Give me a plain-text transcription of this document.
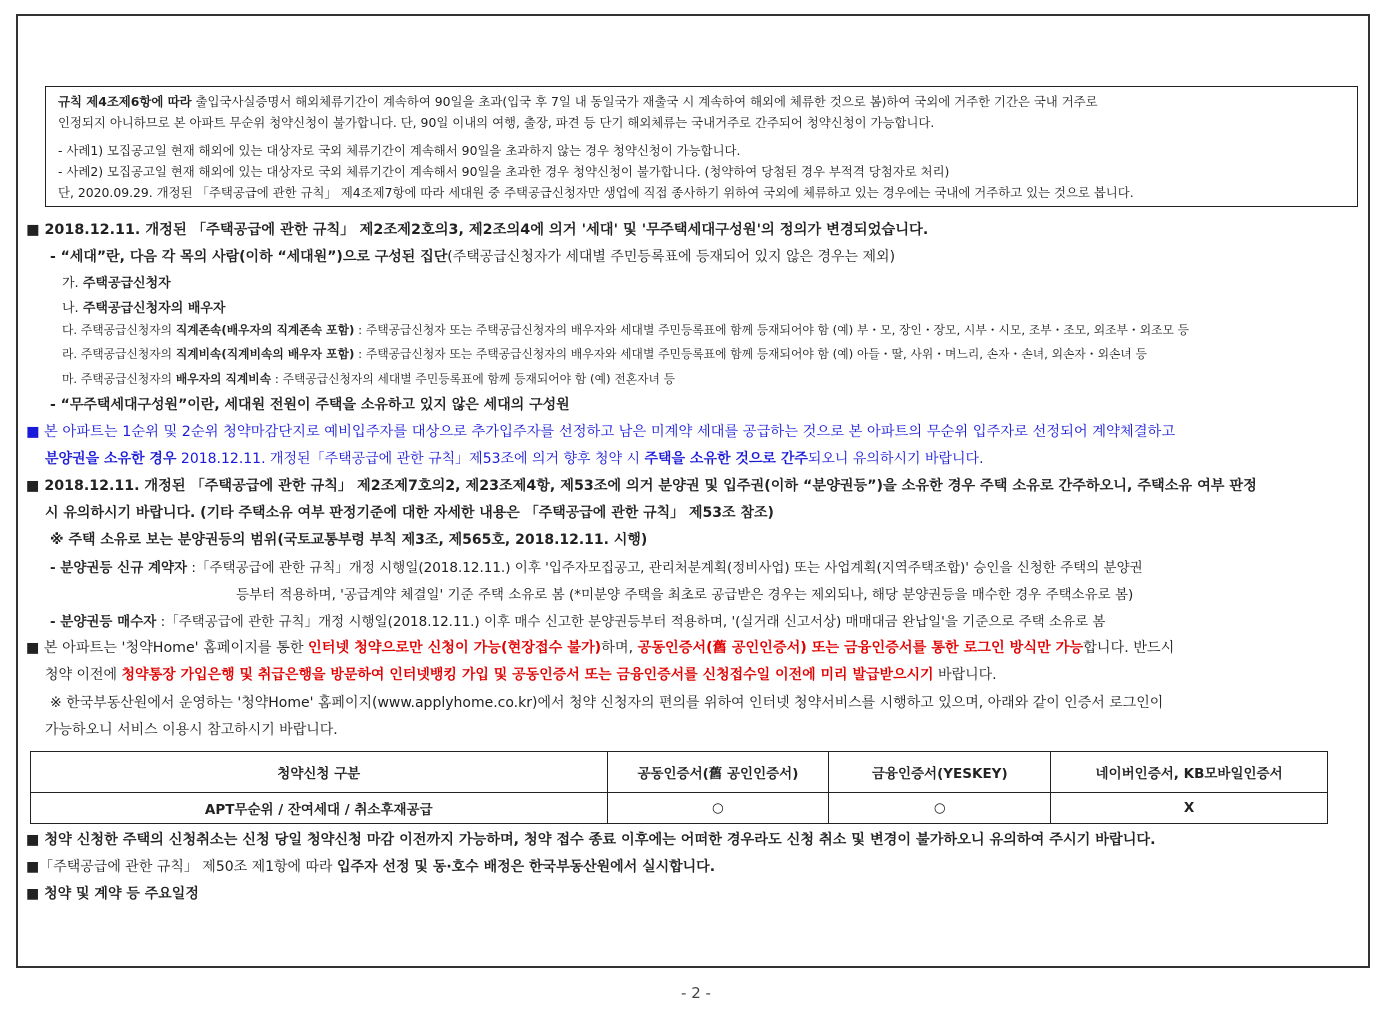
규칙 제4조제6항에 따라 출입국사실증명서 해외체류기간이 계속하여 90일을 초과(입국 후 7일 내 동일국가 재출국 시 계속하여 해외에 체류한 것으로 봄)하여 국외에 거주한 기간은 국내 거주로

인정되지 아니하므로 본 아파트 무순위 청약신청이 불가합니다. 단, 90일 이내의 여행, 출장, 파견 등 단기 해외체류는 국내거주로 간주되어 청약신청이 가능합니다.

- 사례1) 모집공고일 현재 해외에 있는 대상자로 국외 체류기간이 계속해서 90일을 초과하지 않는 경우 청약신청이 가능합니다.

- 사례2) 모집공고일 현재 해외에 있는 대상자로 국외 체류기간이 계속해서 90일을 초과한 경우 청약신청이 불가합니다. (청약하여 당첨된 경우 부적격 당첨자로 처리)

단, 2020.09.29. 개정된 「주택공급에 관한 규칙」 제4조제7항에 따라 세대원 중 주택공급신청자만 생업에 직접 종사하기 위하여 국외에 체류하고 있는 경우에는 국내에 거주하고 있는 것으로 봅니다.

■ 2018.12.11. 개정된 「주택공급에 관한 규칙」 제2조제2호의3, 제2조의4에 의거 '세대' 및 '무주택세대구성원'의 정의가 변경되었습니다.
- “세대”란, 다음 각 목의 사람(이하 “세대원”)으로 구성된 집단(주택공급신청자가 세대별 주민등록표에 등재되어 있지 않은 경우는 제외)
가. 주택공급신청자
나. 주택공급신청자의 배우자
다. 주택공급신청자의 직계존속(배우자의 직계존속 포함) : 주택공급신청자 또는 주택공급신청자의 배우자와 세대별 주민등록표에 함께 등재되어야 함 (예) 부・모, 장인・장모, 시부・시모, 조부・조모, 외조부・외조모 등
라. 주택공급신청자의 직계비속(직계비속의 배우자 포함) : 주택공급신청자 또는 주택공급신청자의 배우자와 세대별 주민등록표에 함께 등재되어야 함 (예) 아들・딸, 사위・며느리, 손자・손녀, 외손자・외손녀 등
마. 주택공급신청자의 배우자의 직계비속 : 주택공급신청자의 세대별 주민등록표에 함께 등재되어야 함 (예) 전혼자녀 등
- “무주택세대구성원”이란, 세대원 전원이 주택을 소유하고 있지 않은 세대의 구성원
■ 본 아파트는 1순위 및 2순위 청약마감단지로 예비입주자를 대상으로 추가입주자를 선정하고 남은 미계약 세대를 공급하는 것으로 본 아파트의 무순위 입주자로 선정되어 계약체결하고
분양권을 소유한 경우 2018.12.11. 개정된「주택공급에 관한 규칙」제53조에 의거 향후 청약 시 주택을 소유한 것으로 간주되오니 유의하시기 바랍니다.
■ 2018.12.11. 개정된 「주택공급에 관한 규칙」 제2조제7호의2, 제23조제4항, 제53조에 의거 분양권 및 입주권(이하 “분양권등”)을 소유한 경우 주택 소유로 간주하오니, 주택소유 여부 판정
시 유의하시기 바랍니다. (기타 주택소유 여부 판정기준에 대한 자세한 내용은 「주택공급에 관한 규칙」 제53조 참조)
※ 주택 소유로 보는 분양권등의 범위(국토교통부령 부칙 제3조, 제565호, 2018.12.11. 시행)
- 분양권등 신규 계약자 :「주택공급에 관한 규칙」개정 시행일(2018.12.11.) 이후 '입주자모집공고, 관리처분계획(정비사업) 또는 사업계획(지역주택조합)' 승인을 신청한 주택의 분양권
등부터 적용하며, '공급계약 체결일' 기준 주택 소유로 봄 (*미분양 주택을 최초로 공급받은 경우는 제외되나, 해당 분양권등을 매수한 경우 주택소유로 봄)
- 분양권등 매수자 :「주택공급에 관한 규칙」개정 시행일(2018.12.11.) 이후 매수 신고한 분양권등부터 적용하며, '(실거래 신고서상) 매매대금 완납일'을 기준으로 주택 소유로 봄
■ 본 아파트는 '청약Home' 홈페이지를 통한 인터넷 청약으로만 신청이 가능(현장접수 불가)하며, 공동인증서(舊 공인인증서) 또는 금융인증서를 통한 로그인 방식만 가능합니다. 반드시
청약 이전에 청약통장 가입은행 및 취급은행을 방문하여 인터넷뱅킹 가입 및 공동인증서 또는 금융인증서를 신청접수일 이전에 미리 발급받으시기 바랍니다.
※ 한국부동산원에서 운영하는 '청약Home' 홈페이지(www.applyhome.co.kr)에서 청약 신청자의 편의를 위하여 인터넷 청약서비스를 시행하고 있으며, 아래와 같이 인증서 로그인이
가능하오니 서비스 이용시 참고하시기 바랍니다.
청약신청 구분	공동인증서(舊 공인인증서)	금융인증서(YESKEY)	네이버인증서, KB모바일인증서
APT무순위 / 잔여세대 / 취소후재공급	○	○	X
■ 청약 신청한 주택의 신청취소는 신청 당일 청약신청 마감 이전까지 가능하며, 청약 접수 종료 이후에는 어떠한 경우라도 신청 취소 및 변경이 불가하오니 유의하여 주시기 바랍니다.
■「주택공급에 관한 규칙」 제50조 제1항에 따라 입주자 선정 및 동·호수 배정은 한국부동산원에서 실시합니다.
■ 청약 및 계약 등 주요일정
- 2 -
